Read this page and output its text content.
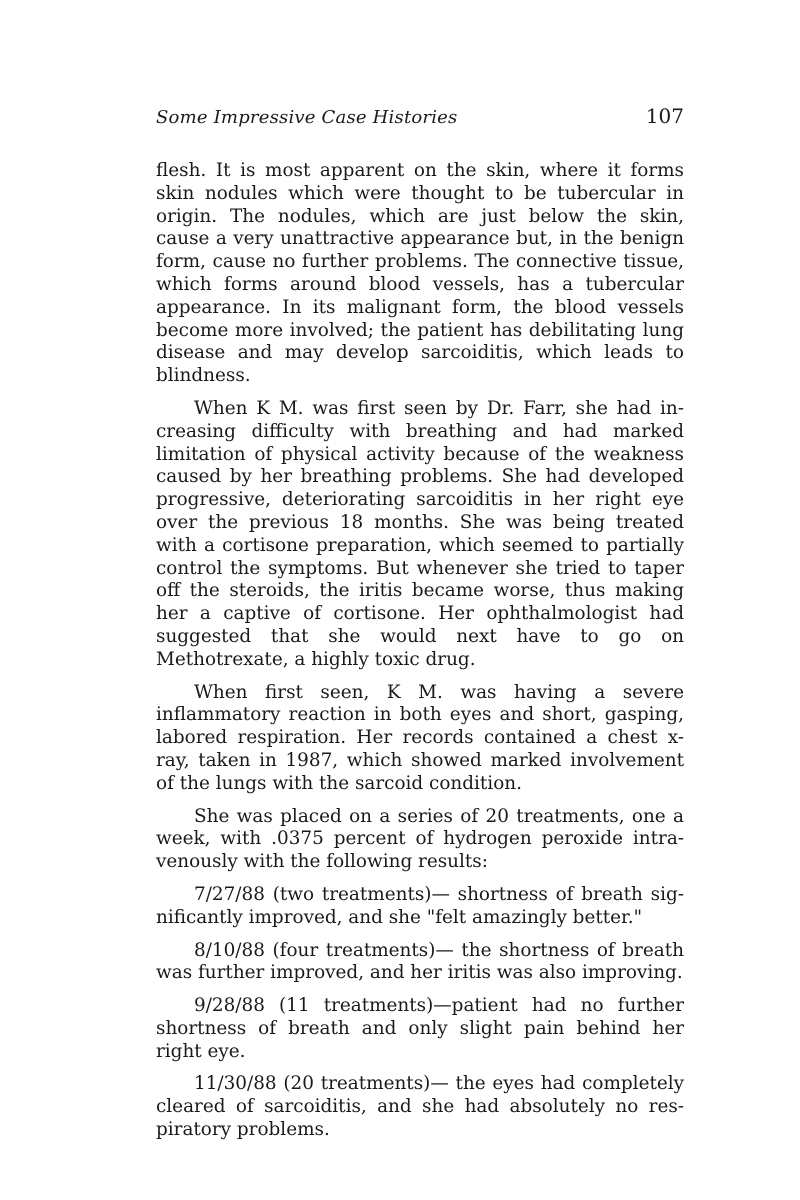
Some Impressive Case Histories	107

flesh. It is most apparent on the skin, where it forms skin nodules which were thought to be tubercular in origin. The nodules, which are just below the skin, cause a very unattractive appearance but, in the benign form, cause no further problems. The connective tissue, which forms around blood vessels, has a tubercular appearance. In its malignant form, the blood vessels become more involved; the patient has debilitating lung disease and may develop sarcoiditis, which leads to blindness.

When K M. was first seen by Dr. Farr, she had increasing difficulty with breathing and had marked limitation of physical activity because of the weakness caused by her breathing problems. She had developed progressive, deteriorating sarcoiditis in her right eye over the previous 18 months. She was being treated with a cortisone preparation, which seemed to partially control the symptoms. But whenever she tried to taper off the steroids, the iritis became worse, thus making her a captive of cortisone. Her ophthalmologist had suggested that she would next have to go on Methotrexate, a highly toxic drug.

When first seen, K M. was having a severe inflammatory reaction in both eyes and short, gasping, labored respiration. Her records contained a chest x-ray, taken in 1987, which showed marked involvement of the lungs with the sarcoid condition.

She was placed on a series of 20 treatments, one a week, with .0375 percent of hydrogen peroxide intravenously with the following results:

7/27/88 (two treatments)— shortness of breath significantly improved, and she "felt amazingly better."

8/10/88 (four treatments)— the shortness of breath was further improved, and her iritis was also improving.

9/28/88 (11 treatments)—patient had no further shortness of breath and only slight pain behind her right eye.

11/30/88 (20 treatments)— the eyes had completely cleared of sarcoiditis, and she had absolutely no respiratory problems.
